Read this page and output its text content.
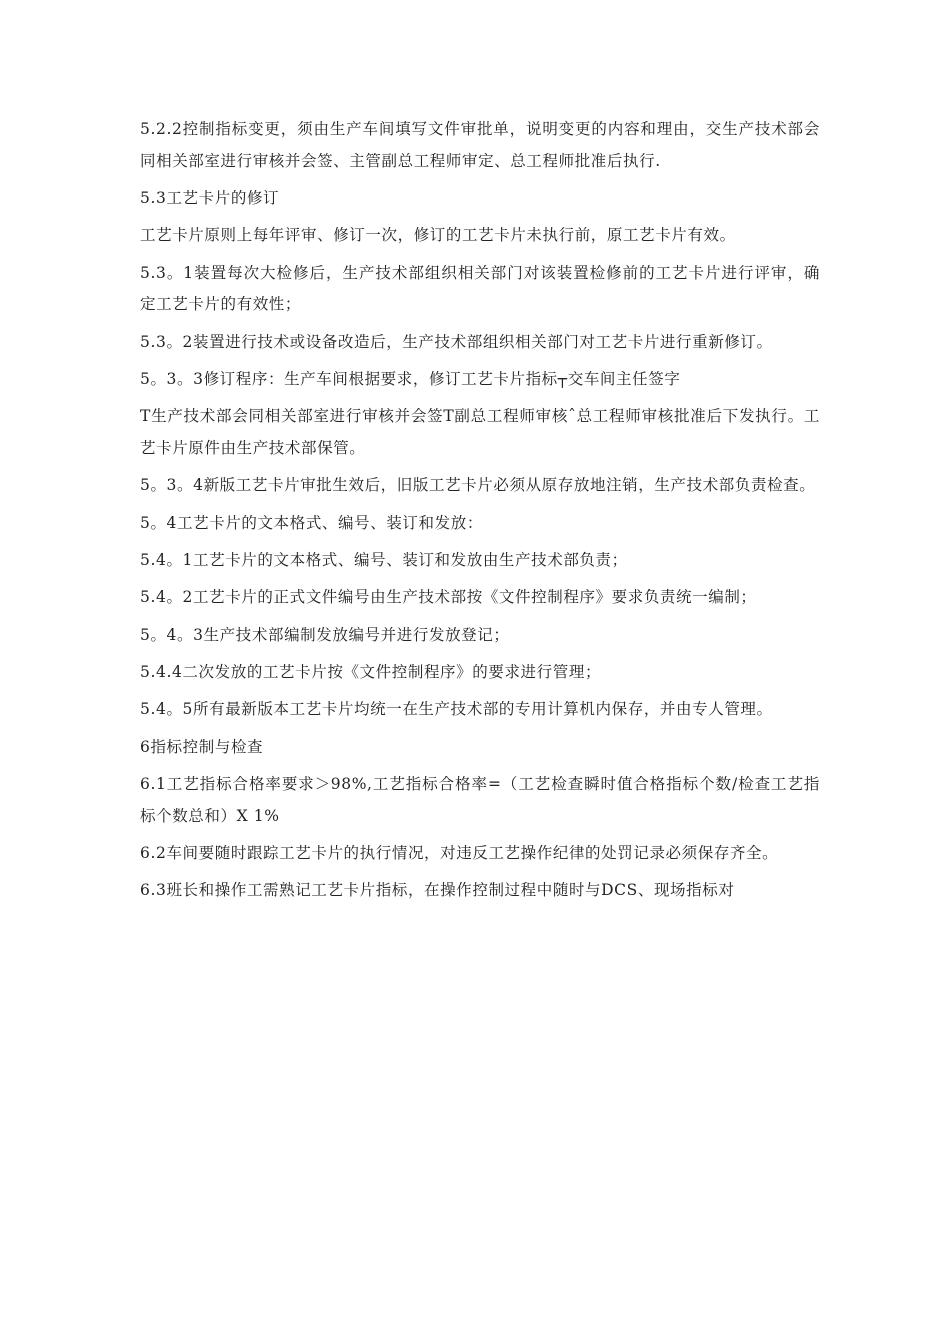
5.2.2控制指标变更，须由生产车间填写文件审批单，说明变更的内容和理由，交生产技术部会同相关部室进行审核并会签、主管副总工程师审定、总工程师批准后执行.

5.3工艺卡片的修订

工艺卡片原则上每年评审、修订一次，修订的工艺卡片未执行前，原工艺卡片有效。

5.3。1装置每次大检修后，生产技术部组织相关部门对该装置检修前的工艺卡片进行评审，确定工艺卡片的有效性；

5.3。2装置进行技术或设备改造后，生产技术部组织相关部门对工艺卡片进行重新修订。

5。3。3修订程序：生产车间根据要求，修订工艺卡片指标┬交车间主任签字

T生产技术部会同相关部室进行审核并会签T副总工程师审核ˆ总工程师审核批准后下发执行。工艺卡片原件由生产技术部保管。

5。3。4新版工艺卡片审批生效后，旧版工艺卡片必须从原存放地注销，生产技术部负责检查。

5。4工艺卡片的文本格式、编号、装订和发放：

5.4。1工艺卡片的文本格式、编号、装订和发放由生产技术部负责；

5.4。2工艺卡片的正式文件编号由生产技术部按《文件控制程序》要求负责统一编制；

5。4。3生产技术部编制发放编号并进行发放登记；

5.4.4二次发放的工艺卡片按《文件控制程序》的要求进行管理；

5.4。5所有最新版本工艺卡片均统一在生产技术部的专用计算机内保存，并由专人管理。

6指标控制与检查

6.1工艺指标合格率要求＞98%,工艺指标合格率=（工艺检查瞬时值合格指标个数/检查工艺指标个数总和）X 1%

6.2车间要随时跟踪工艺卡片的执行情况，对违反工艺操作纪律的处罚记录必须保存齐全。

6.3班长和操作工需熟记工艺卡片指标，在操作控制过程中随时与DCS、现场指标对
